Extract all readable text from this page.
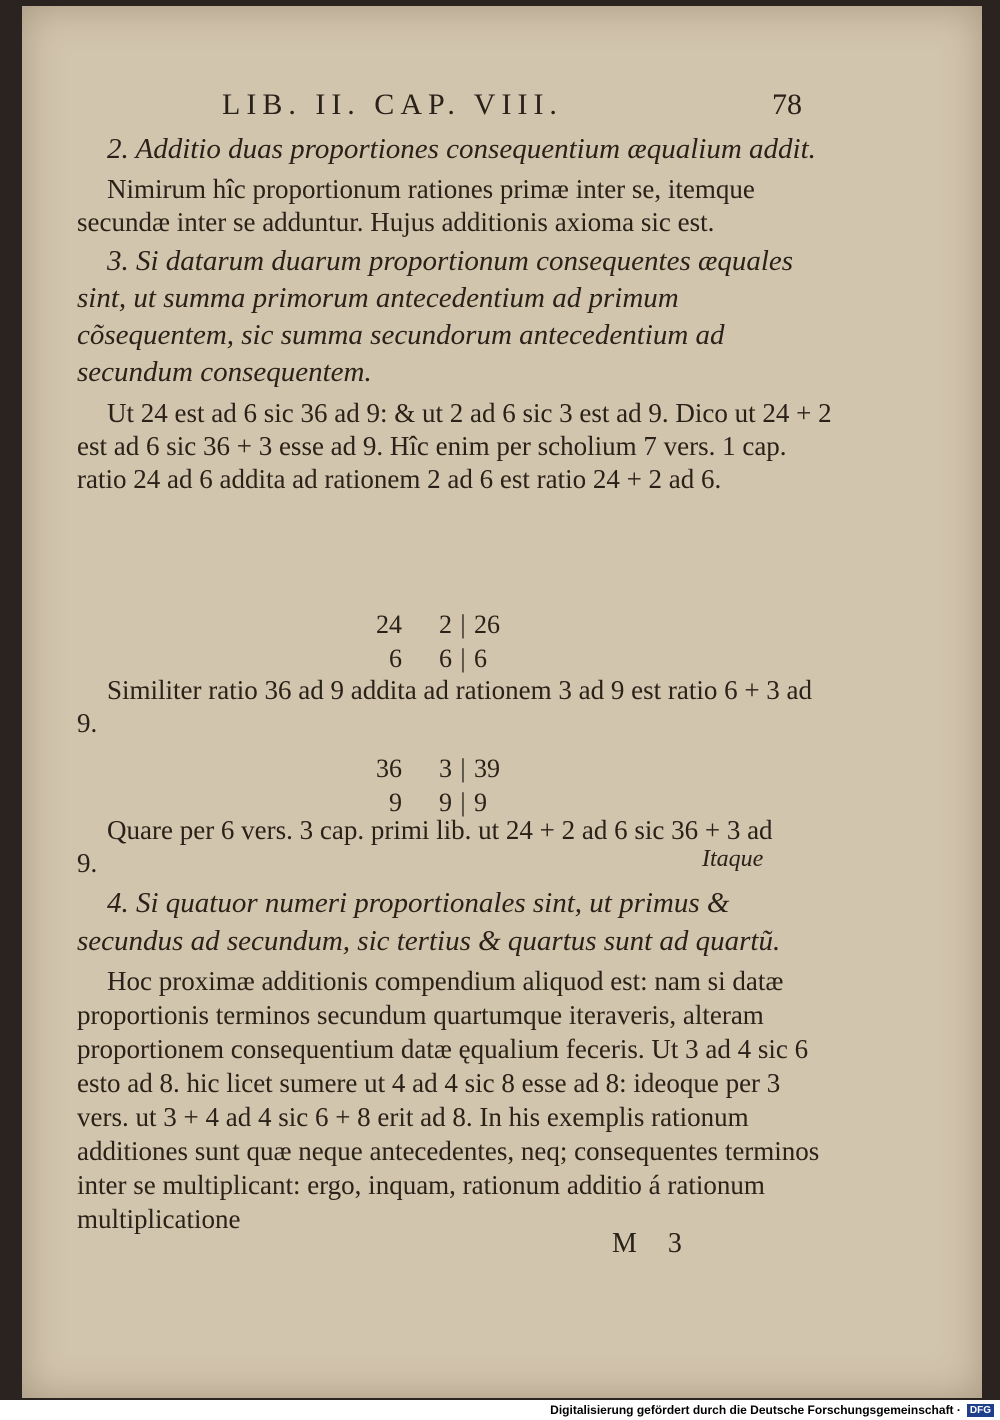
LIB. II. CAP. VIII.	78

2. Additio duas proportiones consequentium æqualium addit.

Nimirum hîc proportionum rationes primæ inter se, itemque secundæ inter se adduntur. Hujus additionis axioma sic est.

3. Si datarum duarum proportionum consequentes æquales sint, ut summa primorum antecedentium ad primum cõsequentem, sic summa secundorum antecedentium ad secundum consequentem.

Ut 24 est ad 6 sic 36 ad 9: & ut 2 ad 6 sic 3 est ad 9. Dico ut 24 + 2 est ad 6 sic 36 + 3 esse ad 9. Hîc enim per scholium 7 vers. 1 cap. ratio 24 ad 6 addita ad rationem 2 ad 6 est ratio 24 + 2 ad 6.

24	2 | 26
6	6 | 6

Similiter ratio 36 ad 9 addita ad rationem 3 ad 9 est ratio 6 + 3 ad 9.

36	3 | 39
9	9 | 9

Quare per 6 vers. 3 cap. primi lib. ut 24 + 2 ad 6 sic 36 + 3 ad 9.	Itaque

4. Si quatuor numeri proportionales sint, ut primus & secundus ad secundum, sic tertius & quartus sunt ad quartũ.

Hoc proximæ additionis compendium aliquod est: nam si datæ proportionis terminos secundum quartumque iteraveris, alteram proportionem consequentium datæ ęqualium feceris. Ut 3 ad 4 sic 6 esto ad 8. hic licet sumere ut 4 ad 4 sic 8 esse ad 8: ideoque per 3 vers. ut 3 + 4 ad 4 sic 6 + 8 erit ad 8. In his exemplis rationum additiones sunt quæ neque antecedentes, neq; consequentes terminos inter se multiplicant: ergo, inquam, rationum additio á rationum multiplicatione

M 3
Digitalisierung gefördert durch die Deutsche Forschungsgemeinschaft · DFG
